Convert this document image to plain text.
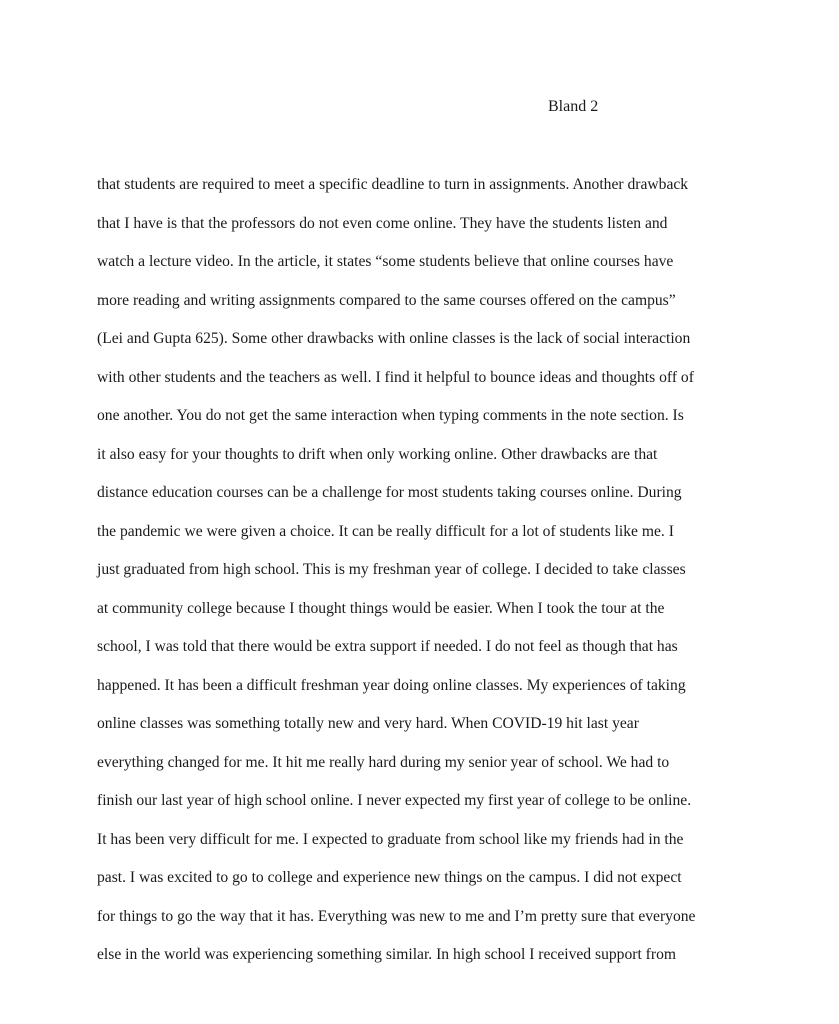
Bland 2
that students are required to meet a specific deadline to turn in assignments. Another drawback
that I have is that the professors do not even come online. They have the students listen and
watch a lecture video. In the article, it states “some students believe that online courses have
more reading and writing assignments compared to the same courses offered on the campus”
(Lei and Gupta 625). Some other drawbacks with online classes is the lack of social interaction
with other students and the teachers as well. I find it helpful to bounce ideas and thoughts off of
one another. You do not get the same interaction when typing comments in the note section. Is
it also easy for your thoughts to drift when only working online. Other drawbacks are that
distance education courses can be a challenge for most students taking courses online. During
the pandemic we were given a choice. It can be really difficult for a lot of students like me. I
just graduated from high school. This is my freshman year of college. I decided to take classes
at community college because I thought things would be easier. When I took the tour at the
school, I was told that there would be extra support if needed. I do not feel as though that has
happened. It has been a difficult freshman year doing online classes. My experiences of taking
online classes was something totally new and very hard. When COVID-19 hit last year
everything changed for me. It hit me really hard during my senior year of school. We had to
finish our last year of high school online. I never expected my first year of college to be online.
It has been very difficult for me. I expected to graduate from school like my friends had in the
past. I was excited to go to college and experience new things on the campus. I did not expect
for things to go the way that it has. Everything was new to me and I’m pretty sure that everyone
else in the world was experiencing something similar. In high school I received support from
